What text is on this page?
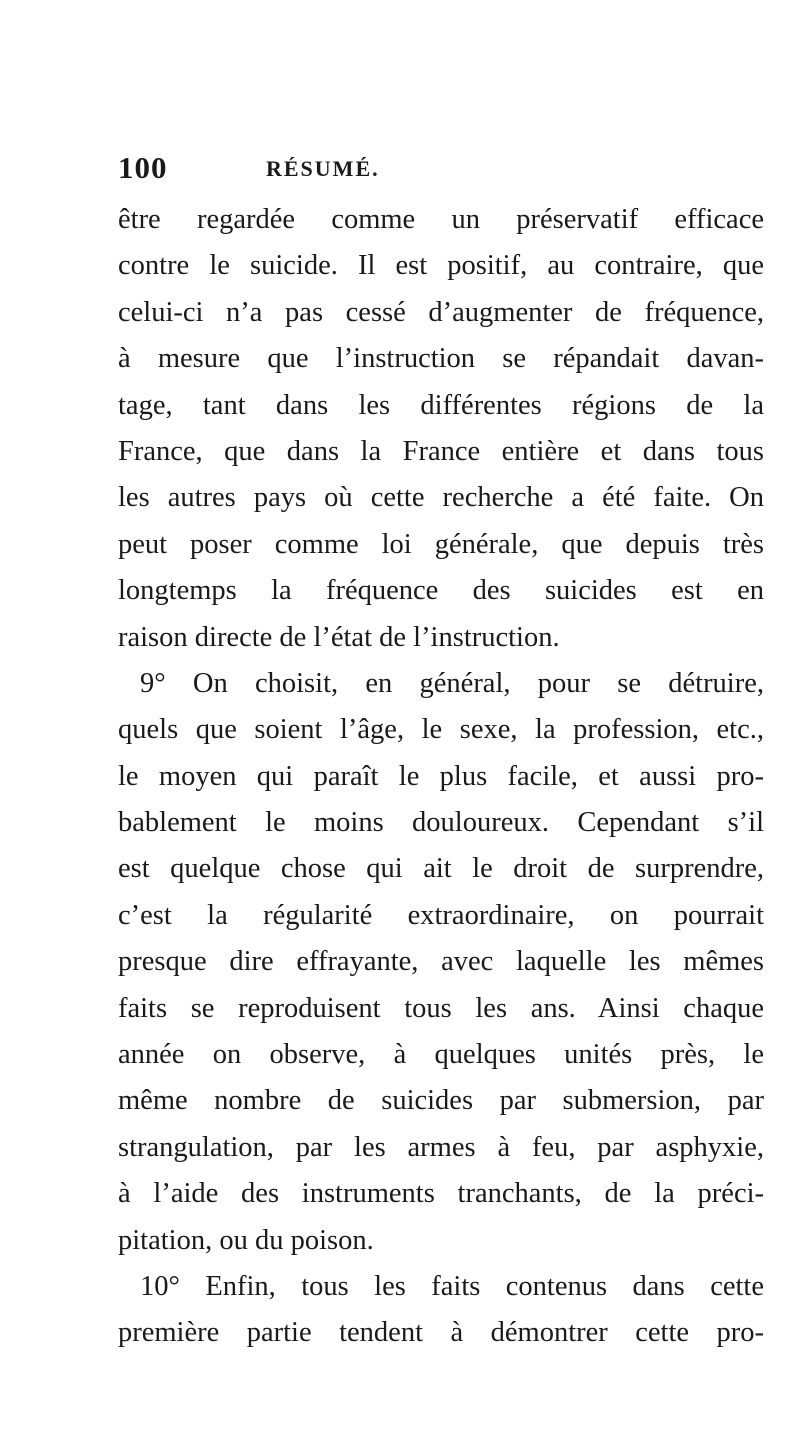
100	RÉSUMÉ.
être regardée comme un préservatif efficace
contre le suicide. Il est positif, au contraire, que
celui-ci n’a pas cessé d’augmenter de fréquence,
à mesure que l’instruction se répandait davan-
tage, tant dans les différentes régions de la
France, que dans la France entière et dans tous
les autres pays où cette recherche a été faite. On
peut poser comme loi générale, que depuis très
longtemps la fréquence des suicides est en
raison directe de l’état de l’instruction.
9° On choisit, en général, pour se détruire,
quels que soient l’âge, le sexe, la profession, etc.,
le moyen qui paraît le plus facile, et aussi pro-
bablement le moins douloureux. Cependant s’il
est quelque chose qui ait le droit de surprendre,
c’est la régularité extraordinaire, on pourrait
presque dire effrayante, avec laquelle les mêmes
faits se reproduisent tous les ans. Ainsi chaque
année on observe, à quelques unités près, le
même nombre de suicides par submersion, par
strangulation, par les armes à feu, par asphyxie,
à l’aide des instruments tranchants, de la préci-
pitation, ou du poison.
10° Enfin, tous les faits contenus dans cette
première partie tendent à démontrer cette pro-
